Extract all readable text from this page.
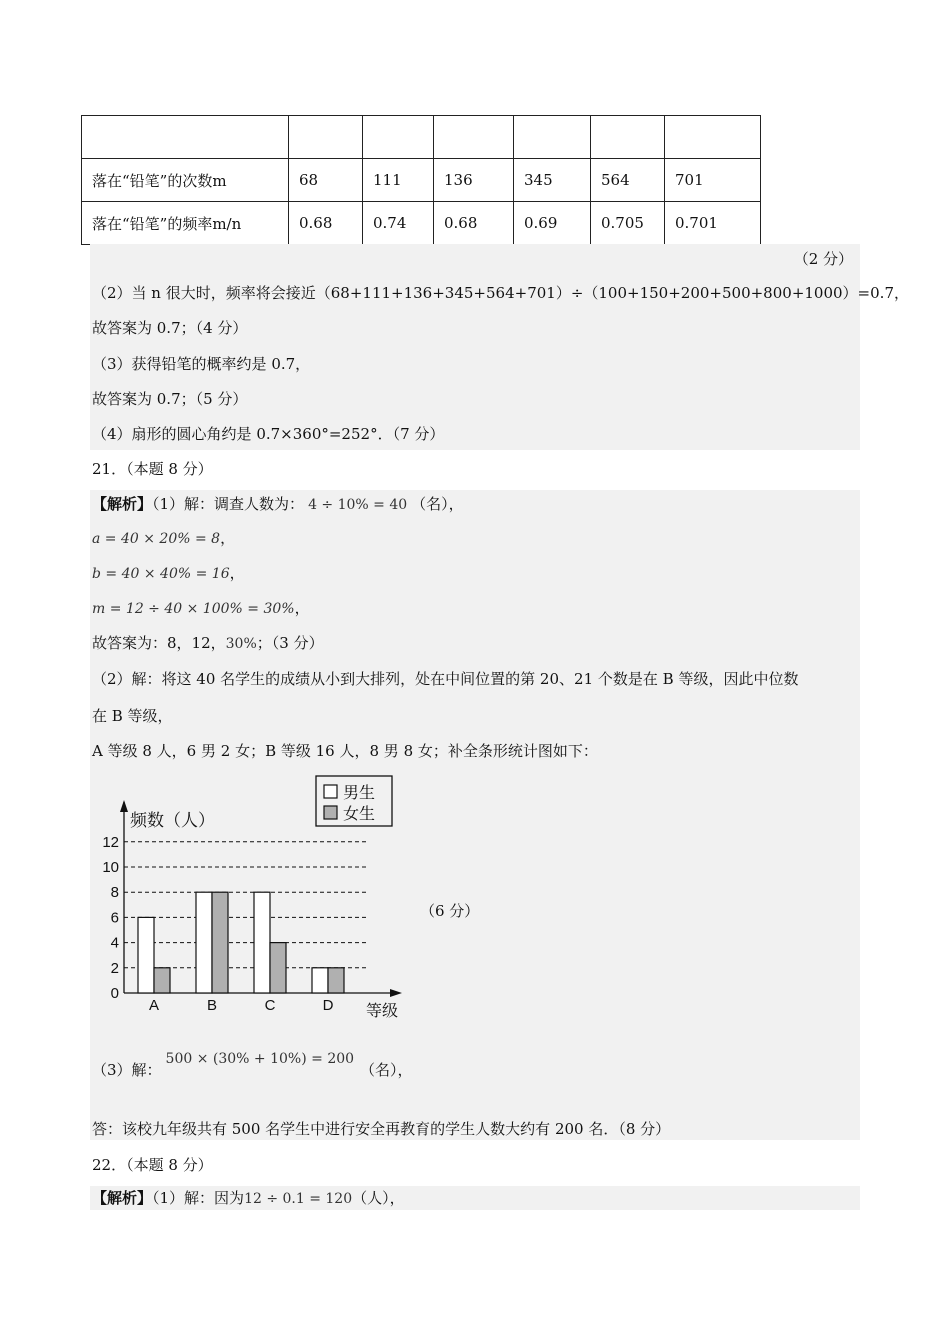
落在“铅笔”的次数m	68	111	136	345	564	701
落在“铅笔”的频率m/n	0.68	0.74	0.68	0.69	0.705	0.701
（2 分）
（2）当 n 很大时，频率将会接近（68+111+136+345+564+701）÷（100+150+200+500+800+1000）=0.7，
故答案为 0.7；（4 分）
（3）获得铅笔的概率约是 0.7，
故答案为 0.7；（5 分）
（4）扇形的圆心角约是 0.7×360°=252°．（7 分）
21．（本题 8 分）
【解析】（1）解：调查人数为： 4 ÷ 10% = 40 （名），
a = 40 × 20% = 8，
b = 40 × 40% = 16，
m = 12 ÷ 40 × 100% = 30%，
故答案为：8，12，30%；（3 分）
（2）解：将这 40 名学生的成绩从小到大排列，处在中间位置的第 20、21 个数是在 B 等级，因此中位数
在 B 等级，
A 等级 8 人，6 男 2 女；B 等级 16 人，8 男 8 女；补全条形统计图如下：
0
2
4
6
8
10
12
频数（人）
等级
A	B	C	D
男生
女生
（6 分）
（3）解：500 × (30% + 10%) = 200（名），
答：该校九年级共有 500 名学生中进行安全再教育的学生人数大约有 200 名．（8 分）
22．（本题 8 分）
【解析】（1）解：因为12 ÷ 0.1 = 120（人），
